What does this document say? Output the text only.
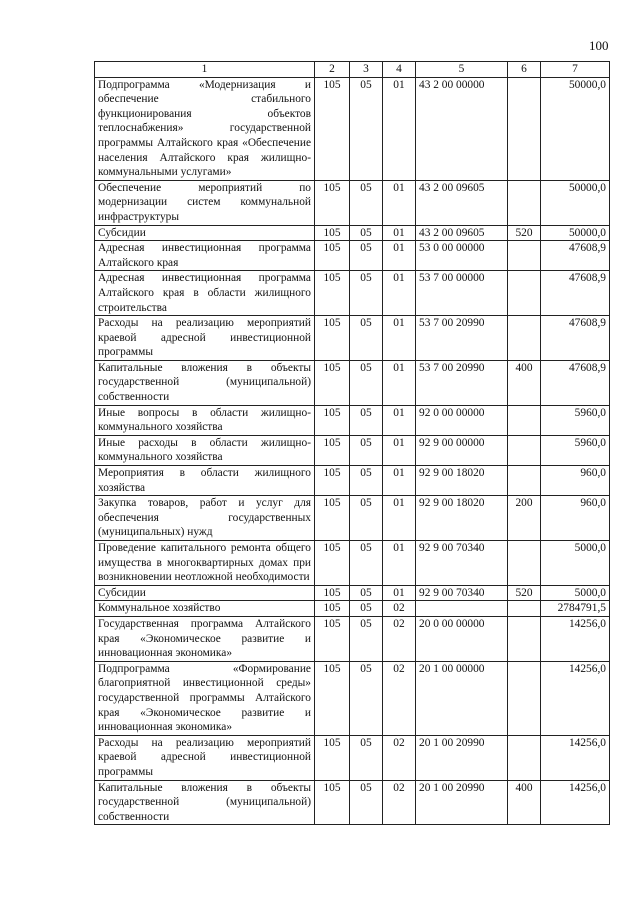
100
1	2	3	4	5	6	7
Подпрограмма «Модернизация и обеспечение стабильного функционирования объектов теплоснабжения» государственной программы Алтайского края «Обеспечение населения Алтайского края жилищно-коммунальными услугами»	105	05	01	43 2 00 00000		50000,0
Обеспечение мероприятий по модернизации систем коммунальной инфраструктуры	105	05	01	43 2 00 09605		50000,0
Субсидии	105	05	01	43 2 00 09605	520	50000,0
Адресная инвестиционная программа Алтайского края	105	05	01	53 0 00 00000		47608,9
Адресная инвестиционная программа Алтайского края в области жилищного строительства	105	05	01	53 7 00 00000		47608,9
Расходы на реализацию мероприятий краевой адресной инвестиционной программы	105	05	01	53 7 00 20990		47608,9
Капитальные вложения в объекты государственной (муниципальной) собственности	105	05	01	53 7 00 20990	400	47608,9
Иные вопросы в области жилищно-коммунального хозяйства	105	05	01	92 0 00 00000		5960,0
Иные расходы в области жилищно-коммунального хозяйства	105	05	01	92 9 00 00000		5960,0
Мероприятия в области жилищного хозяйства	105	05	01	92 9 00 18020		960,0
Закупка товаров, работ и услуг для обеспечения государственных (муниципальных) нужд	105	05	01	92 9 00 18020	200	960,0
Проведение капитального ремонта общего имущества в многоквартирных домах при возникновении неотложной необходимости	105	05	01	92 9 00 70340		5000,0
Субсидии	105	05	01	92 9 00 70340	520	5000,0
Коммунальное хозяйство	105	05	02			2784791,5
Государственная программа Алтайского края «Экономическое развитие и инновационная экономика»	105	05	02	20 0 00 00000		14256,0
Подпрограмма «Формирование благоприятной инвестиционной среды» государственной программы Алтайского края «Экономическое развитие и инновационная экономика»	105	05	02	20 1 00 00000		14256,0
Расходы на реализацию мероприятий краевой адресной инвестиционной программы	105	05	02	20 1 00 20990		14256,0
Капитальные вложения в объекты государственной (муниципальной) собственности	105	05	02	20 1 00 20990	400	14256,0
